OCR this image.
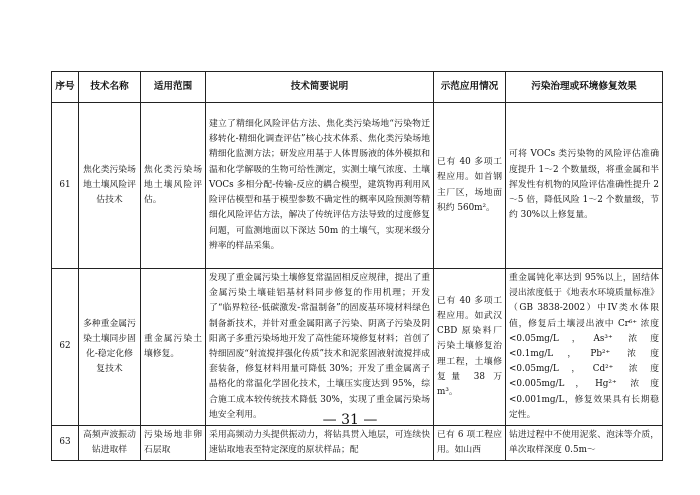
序号	技术名称	适用范围	技术简要说明	示范应用情况	污染治理或环境修复效果
61	焦化类污染场地土壤风险评估技术	焦化类污染场地土壤风险评估。	建立了精细化风险评估方法、焦化类污染场地“污染物迁移转化-精细化调查评估”核心技术体系、焦化类污染场地精细化监测方法；研发应用基于人体胃肠液的体外模拟和温和化学解吸的生物可给性测定，实测土壤气浓度、土壤 VOCs 多相分配-传输-反应的耦合模型，建筑物再利用风险评估模型和基于模型参数不确定性的概率风险预测等精细化风险评估方法，解决了传统评估方法导致的过度修复问题，可监测地面以下深达 50m 的土壤气，实现米级分辨率的样品采集。	已有 40 多项工程应用。如首钢主厂区，场地面积约 560m²。	可将 VOCs 类污染物的风险评估准确度提升 1～2 个数量级，将重金属和半挥发性有机物的风险评估准确性提升 2～5 倍，降低风险 1～2 个数量级，节约 30%以上修复量。
62	多种重金属污染土壤同步固化-稳定化修复技术	重金属污染土壤修复。	发现了重金属污染土壤修复常温固相反应规律，提出了重金属污染土壤硅铝基材料同步修复的作用机理；开发了“临界粒径-低碳激发-常温制备”的固废基环境材料绿色制备新技术，并针对重金属阳离子污染、阴离子污染及阴阳离子多重污染场地开发了高性能环境修复材料；首创了特细固废“射流搅拌强化传质”技术和泥浆固液射流搅拌成套装备，修复材料用量可降低 30%；开发了重金属离子晶格化的常温化学固化技术，土壤压实度达到 95%，综合施工成本较传统技术降低 30%，实现了重金属污染场地安全利用。	已有 40 多项工程应用。如武汉 CBD 原染料厂污染土壤修复治理工程，土壤修复量 38 万 m³。	重金属钝化率达到 95%以上，固结体浸出浓度低于《地表水环境质量标准》（GB 3838-2002）中IV类水体限值，修复后土壤浸出液中 Cr⁶⁺ 浓度 <0.05mg/L，As³⁺ 浓度 <0.1mg/L，Pb²⁺ 浓度 <0.05mg/L，Cd²⁺ 浓度 <0.005mg/L，Hg²⁺ 浓度 <0.001mg/L，修复效果具有长期稳定性。
63	高频声波振动钻进取样	污染场地非卵石层取	采用高频动力头提供振动力，将钻具贯入地层，可连续快速钻取地表至特定深度的原状样品；配	已有 6 项工程应用。如山西	钻进过程中不使用泥浆、泡沫等介质，单次取样深度 0.5m～
— 31 —
